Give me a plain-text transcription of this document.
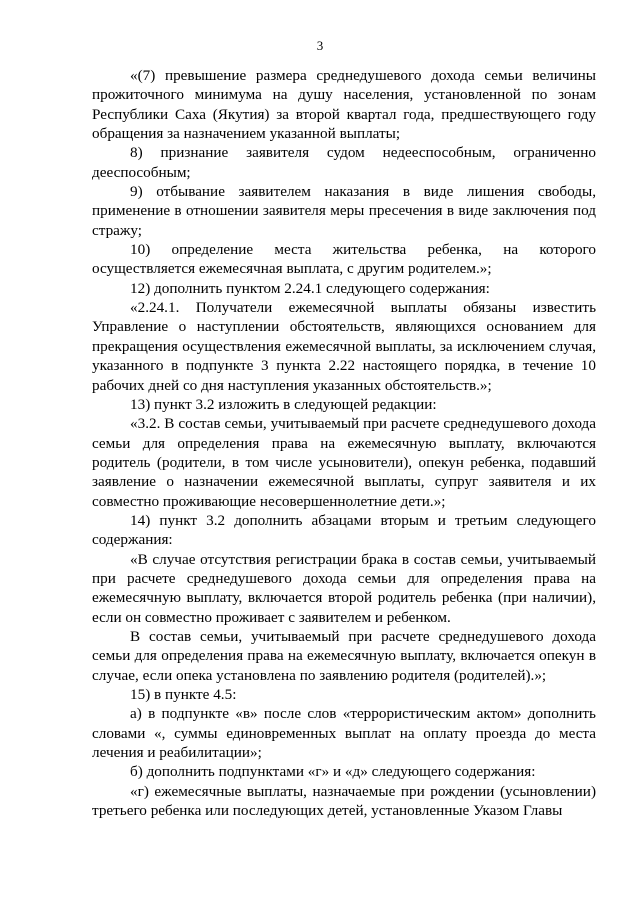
3

«(7) превышение размера среднедушевого дохода семьи величины прожиточного минимума на душу населения, установленной по зонам Республики Саха (Якутия) за второй квартал года, предшествующего году обращения за назначением указанной выплаты;

8) признание заявителя судом недееспособным, ограниченно дееспособным;

9) отбывание заявителем наказания в виде лишения свободы, применение в отношении заявителя меры пресечения в виде заключения под стражу;

10) определение места жительства ребенка, на которого осуществляется ежемесячная выплата, с другим родителем.»;

12) дополнить пунктом 2.24.1 следующего содержания:

«2.24.1. Получатели ежемесячной выплаты обязаны известить Управление о наступлении обстоятельств, являющихся основанием для прекращения осуществления ежемесячной выплаты, за исключением случая, указанного в подпункте 3 пункта 2.22 настоящего порядка, в течение 10 рабочих дней со дня наступления указанных обстоятельств.»;

13) пункт 3.2 изложить в следующей редакции:

«3.2. В состав семьи, учитываемый при расчете среднедушевого дохода семьи для определения права на ежемесячную выплату, включаются родитель (родители, в том числе усыновители), опекун ребенка, подавший заявление о назначении ежемесячной выплаты, супруг заявителя и их совместно проживающие несовершеннолетние дети.»;

14) пункт 3.2 дополнить абзацами вторым и третьим следующего содержания:

«В случае отсутствия регистрации брака в состав семьи, учитываемый при расчете среднедушевого дохода семьи для определения права на ежемесячную выплату, включается второй родитель ребенка (при наличии), если он совместно проживает с заявителем и ребенком.

В состав семьи, учитываемый при расчете среднедушевого дохода семьи для определения права на ежемесячную выплату, включается опекун в случае, если опека установлена по заявлению родителя (родителей).»;

15) в пункте 4.5:

а) в подпункте «в» после слов «террористическим актом» дополнить словами «, суммы единовременных выплат на оплату проезда до места лечения и реабилитации»;

б) дополнить подпунктами «г» и «д» следующего содержания:

«г) ежемесячные выплаты, назначаемые при рождении (усыновлении) третьего ребенка или последующих детей, установленные Указом Главы
